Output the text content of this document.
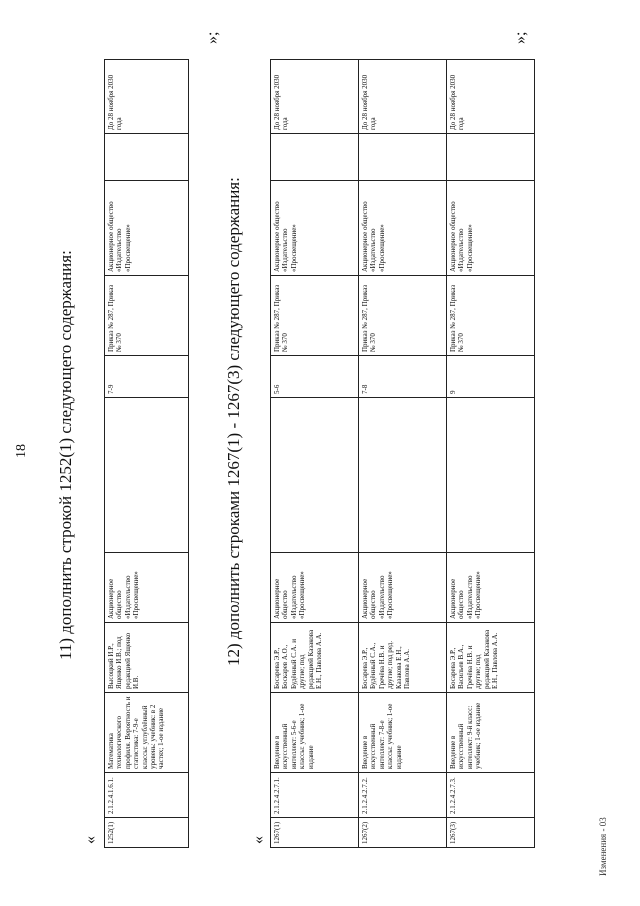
18 11) дополнить строкой 1252(1) следующего содержания:
« 1252(1)	2.1.2.4.1.6.1.	Математика технологического профиля. Вероятность и статистика: 7-9-е классы: углублённый уровень: учебник: в 2 частях; 1-ое издание	Высоцкий И.Р., Ященко И.В.; под редакцией Ященко И.В.	Акционерное общество «Издательство «Просвещение»		7-9	Приказ № 287, Приказ № 370	Акционерное общество «Издательство «Просвещение»		До 28 ноября 2030 года
»;
12) дополнить строками 1267(1) - 1267(3) следующего содержания:
« 1267(1)	2.1.2.4.2.7.1.	Введение в искусственный интеллект: 5-6-е классы: учебник; 1-ое издание	Босарева Э.Р., Боскарев А.О., Будённый С.А. и другие; под редакцией Казакова Е.Н., Павлова А.А.	Акционерное общество «Издательство «Просвещение»		5-6	Приказ № 287, Приказ № 370	Акционерное общество «Издательство «Просвещение»		До 28 ноября 2030 года
1267(2)	2.1.2.4.2.7.2.	Введение в искусственный интеллект: 7-8-е классы: учебник; 1-ое издание	Босарева Э.Р., Будённый С.А., Гречёва Н.В. и другие; под ред. Казакова Е.Н., Павлова А.А.	Акционерное общество «Издательство «Просвещение»		7-8	Приказ № 287, Приказ № 370	Акционерное общество «Издательство «Просвещение»		До 28 ноября 2030 года
1267(3)	2.1.2.4.2.7.3.	Введение в искусственный интеллект: 9-й класс: учебник; 1-ое издание	Босарева Э.Р., Васильев В.А., Гречёва Н.В. и другие; под редакцией Казакова Е.Н., Павлова А.А.	Акционерное общество «Издательство «Просвещение»		9	Приказ № 287, Приказ № 370	Акционерное общество «Издательство «Просвещение»		До 28 ноября 2030 года
»;
Изменения - 03
